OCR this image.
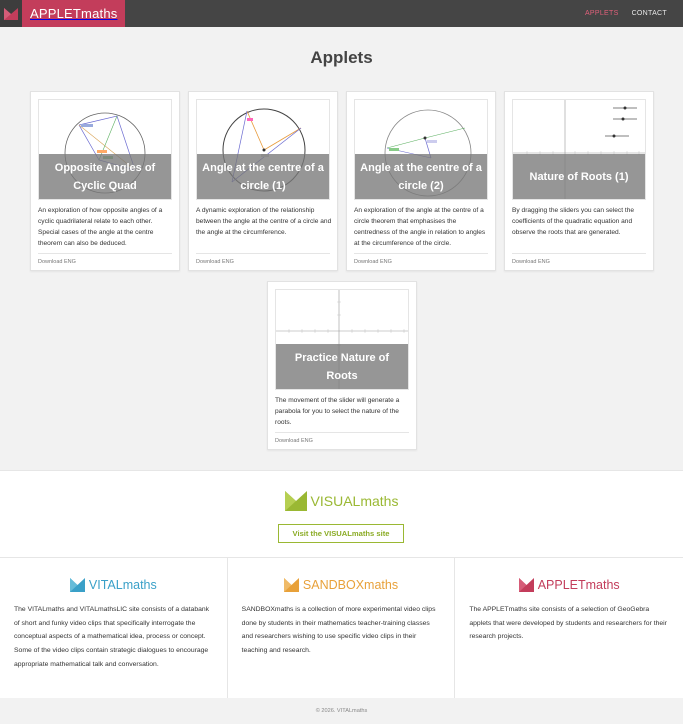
APPLETmaths	APPLETS CONTACT
Applets
Opposite Angles of Cyclic Quad

An exploration of how opposite angles of a cyclic quadrilateral relate to each other. Special cases of the angle at the centre theorem can also be deduced.

Download ENG
Angle at the centre of a circle (1)

A dynamic exploration of the relationship between the angle at the centre of a circle and the angle at the circumference.

Download ENG
Angle at the centre of a circle (2)

An exploration of the angle at the centre of a circle theorem that emphasises the centredness of the angle in relation to angles at the circumference of the circle.

Download ENG
Nature of Roots (1)

By dragging the sliders you can select the coefficients of the quadratic equation and observe the roots that are generated.

Download ENG
Practice Nature of Roots

The movement of the slider will generate a parabola for you to select the nature of the roots.

Download ENG
VISUALmaths
Visit the VISUALmaths site
VITALmaths

The VITALmaths and VITALmathsLIC site consists of a databank of short and funky video clips that specifically interrogate the conceptual aspects of a mathematical idea, process or concept. Some of the video clips contain strategic dialogues to encourage appropriate mathematical talk and conversation.

SANDBOXmaths

SANDBOXmaths is a collection of more experimental video clips done by students in their mathematics teacher-training classes and researchers wishing to use specific video clips in their teaching and research.

APPLETmaths

The APPLETmaths site consists of a selection of GeoGebra applets that were developed by students and researchers for their research projects.

© 2026. VITALmaths
